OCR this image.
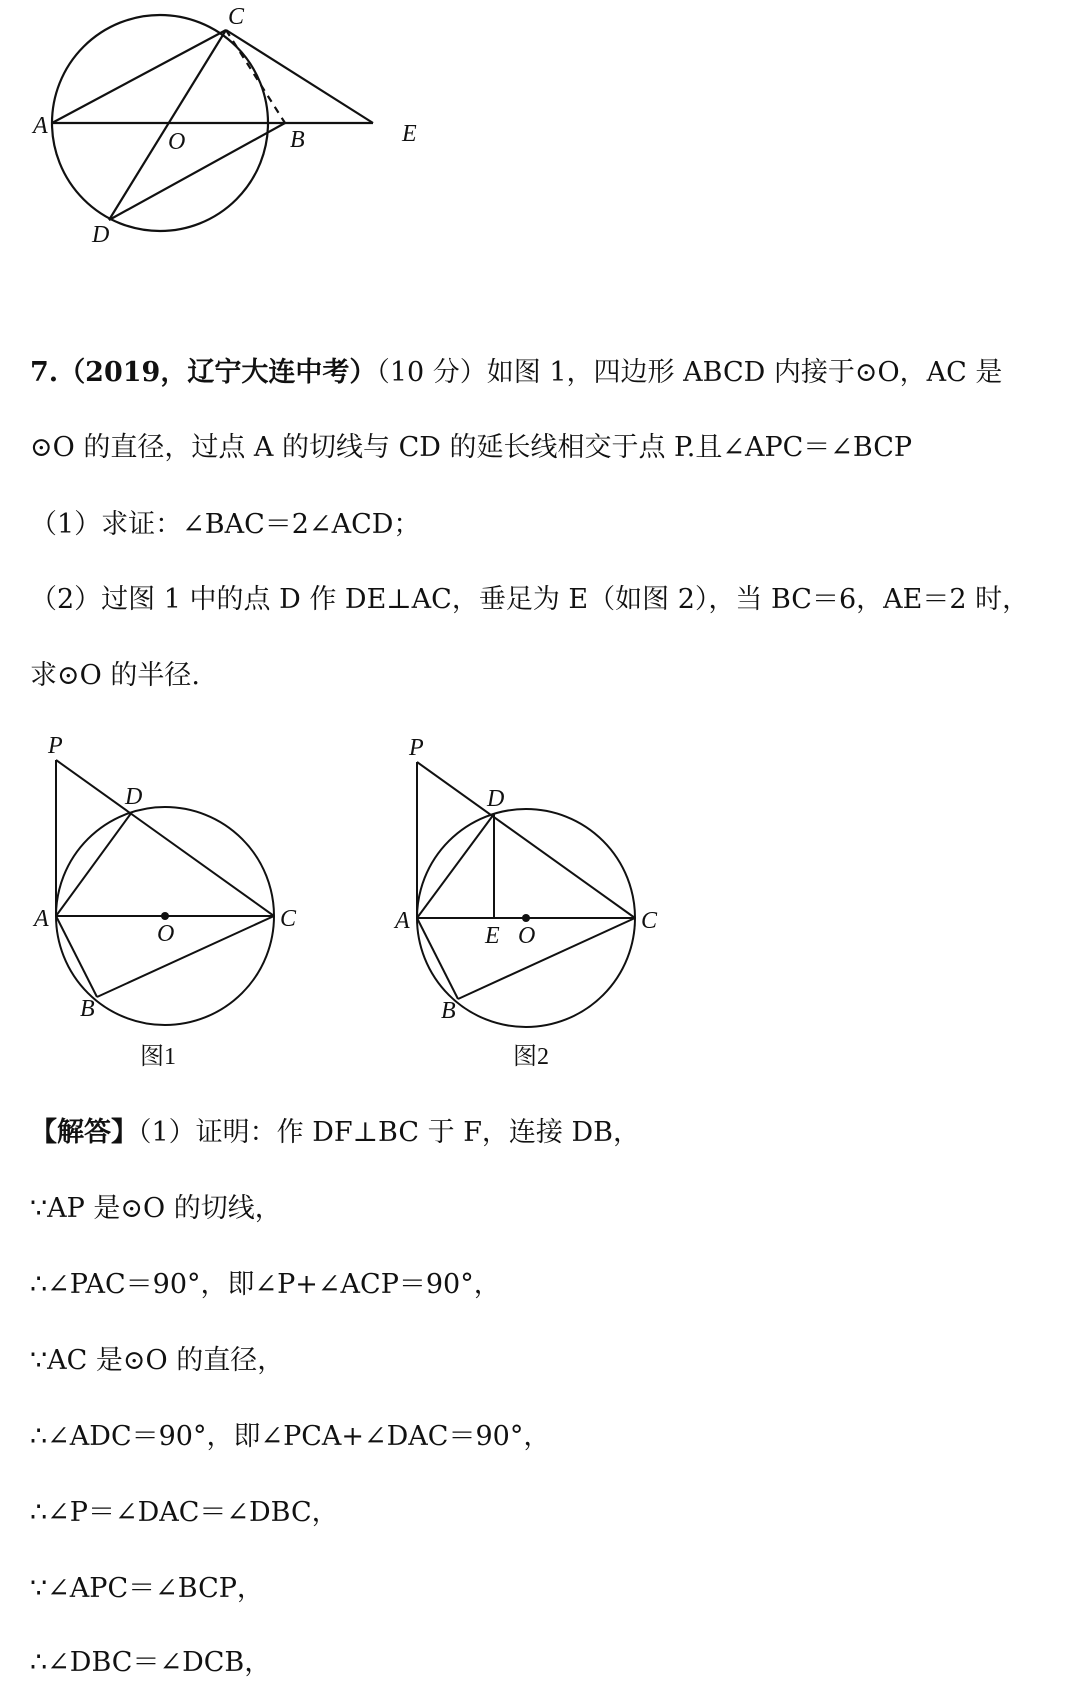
C
A
O	B	E
D
7.（2019，辽宁大连中考）（10 分）如图 1，四边形 ABCD 内接于⊙O，AC 是
⊙O 的直径，过点 A 的切线与 CD 的延长线相交于点 P.且∠APC＝∠BCP
（1）求证：∠BAC＝2∠ACD；
（2）过图 1 中的点 D 作 DE⊥AC，垂足为 E（如图 2），当 BC＝6，AE＝2 时，
求⊙O 的半径.
P
D
A
O
C
B
图1
P
D
A
E O
C
B
图2
【解答】（1）证明：作 DF⊥BC 于 F，连接 DB，
∵AP 是⊙O 的切线，
∴∠PAC＝90°，即∠P+∠ACP＝90°，
∵AC 是⊙O 的直径，
∴∠ADC＝90°，即∠PCA+∠DAC＝90°，
∴∠P＝∠DAC＝∠DBC，
∵∠APC＝∠BCP，
∴∠DBC＝∠DCB，
